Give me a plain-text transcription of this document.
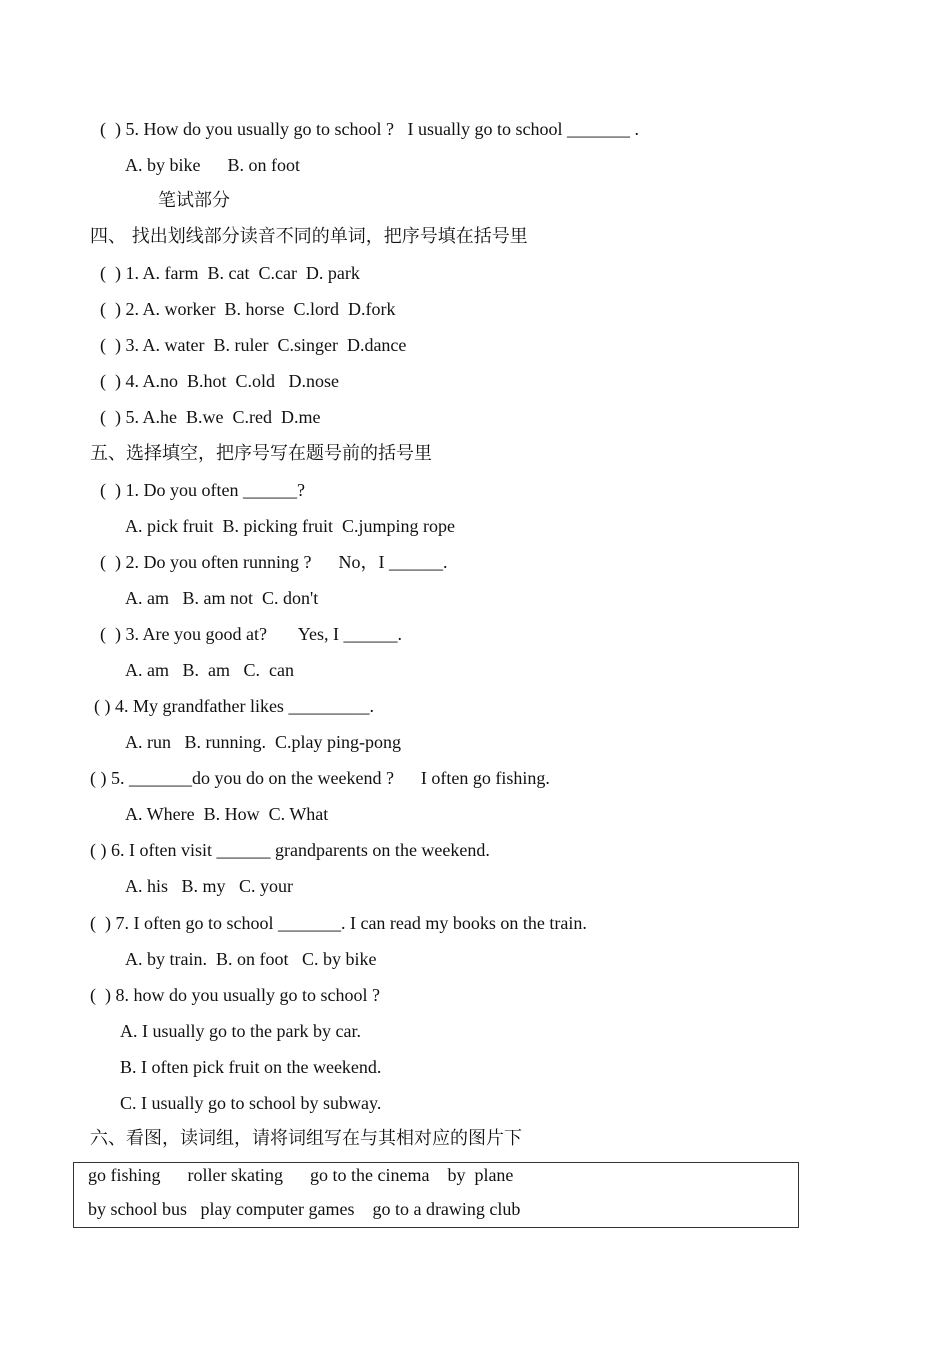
(  ) 5. How do you usually go to school ?   I usually go to school _______ .
A. by bike      B. on foot
笔试部分
四、 找出划线部分读音不同的单词，把序号填在括号里
(  ) 1. A. farm  B. cat  C.car  D. park
(  ) 2. A. worker  B. horse  C.lord  D.fork
(  ) 3. A. water  B. ruler  C.singer  D.dance
(  ) 4. A.no  B.hot  C.old   D.nose
(  ) 5. A.he  B.we  C.red  D.me
五、选择填空，把序号写在题号前的括号里
(  ) 1. Do you often ______?
A. pick fruit  B. picking fruit  C.jumping rope
(  ) 2. Do you often running ?      No，I ______.
A. am   B. am not  C. don't
(  ) 3. Are you good at?       Yes, I ______.
A. am   B.  am   C.  can
( ) 4. My grandfather likes _________.
A. run   B. running.  C.play ping-pong
( ) 5. _______do you do on the weekend ?      I often go fishing.
A. Where  B. How  C. What
( ) 6. I often visit ______ grandparents on the weekend.
A. his   B. my   C. your
(  ) 7. I often go to school _______. I can read my books on the train.
A. by train.  B. on foot   C. by bike
(  ) 8. how do you usually go to school ?
A. I usually go to the park by car.
B. I often pick fruit on the weekend.
C. I usually go to school by subway.
六、看图，读词组，请将词组写在与其相对应的图片下
go fishing      roller skating      go to the cinema    by  plane
by school bus   play computer games    go to a drawing club
